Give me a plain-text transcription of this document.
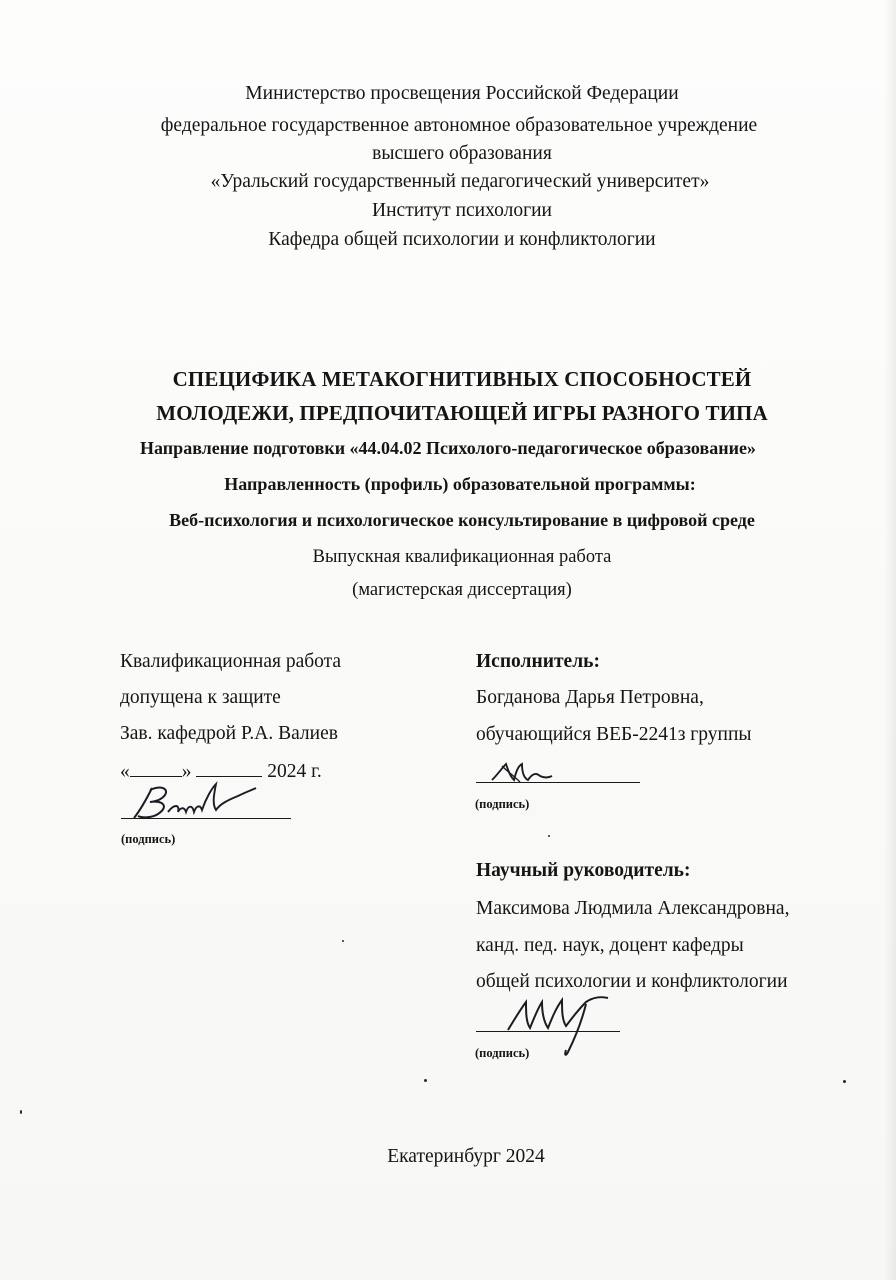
Министерство просвещения Российской Федерации
федеральное государственное автономное образовательное учреждение
высшего образования
«Уральский государственный педагогический университет»
Институт психологии
Кафедра общей психологии и конфликтологии
СПЕЦИФИКА МЕТАКОГНИТИВНЫХ СПОСОБНОСТЕЙ
МОЛОДЕЖИ, ПРЕДПОЧИТАЮЩЕЙ ИГРЫ РАЗНОГО ТИПА
Направление подготовки «44.04.02 Психолого-педагогическое образование»
Направленность (профиль) образовательной программы:
Веб-психология и психологическое консультирование в цифровой среде
Выпускная квалификационная работа
(магистерская диссертация)
Квалификационная работа
допущена к защите
Зав. кафедрой Р.А. Валиев
«	»	2024 г.
(подпись)
Исполнитель:
Богданова Дарья Петровна,
обучающийся ВЕБ-2241з группы
(подпись)
Научный руководитель:
Максимова Людмила Александровна,
канд. пед. наук, доцент кафедры
общей психологии и конфликтологии
(подпись)
Екатеринбург 2024
